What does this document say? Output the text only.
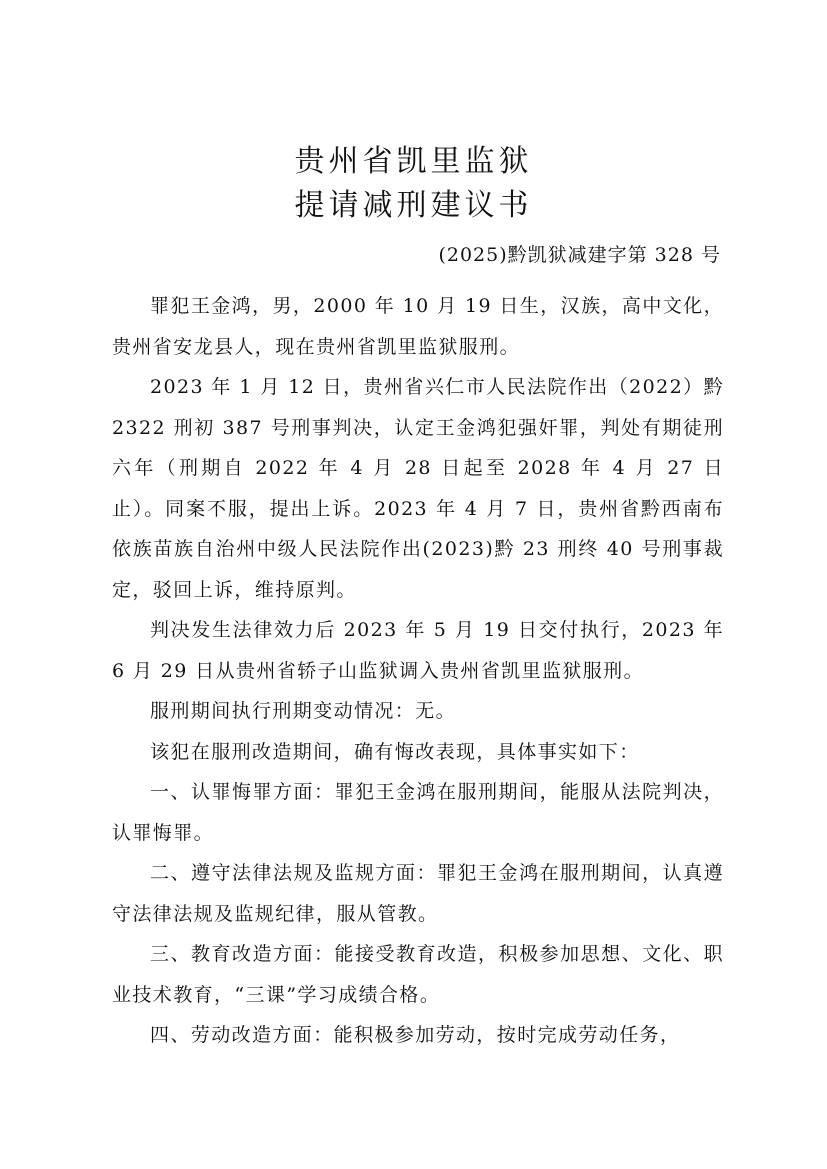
贵州省凯里监狱
提请减刑建议书
(2025)黔凯狱减建字第 328 号

罪犯王金鸿，男，2000 年 10 月 19 日生，汉族，高中文化，贵州省安龙县人，现在贵州省凯里监狱服刑。

2023 年 1 月 12 日，贵州省兴仁市人民法院作出（2022）黔 2322 刑初 387 号刑事判决，认定王金鸿犯强奸罪，判处有期徒刑六年（刑期自 2022 年 4 月 28 日起至 2028 年 4 月 27 日止）。同案不服，提出上诉。2023 年 4 月 7 日，贵州省黔西南布依族苗族自治州中级人民法院作出(2023)黔 23 刑终 40 号刑事裁定，驳回上诉，维持原判。

判决发生法律效力后 2023 年 5 月 19 日交付执行，2023 年 6 月 29 日从贵州省轿子山监狱调入贵州省凯里监狱服刑。

服刑期间执行刑期变动情况：无。

该犯在服刑改造期间，确有悔改表现，具体事实如下：

一、认罪悔罪方面：罪犯王金鸿在服刑期间，能服从法院判决，认罪悔罪。

二、遵守法律法规及监规方面：罪犯王金鸿在服刑期间，认真遵守法律法规及监规纪律，服从管教。

三、教育改造方面：能接受教育改造，积极参加思想、文化、职业技术教育，“三课”学习成绩合格。

四、劳动改造方面：能积极参加劳动，按时完成劳动任务，
